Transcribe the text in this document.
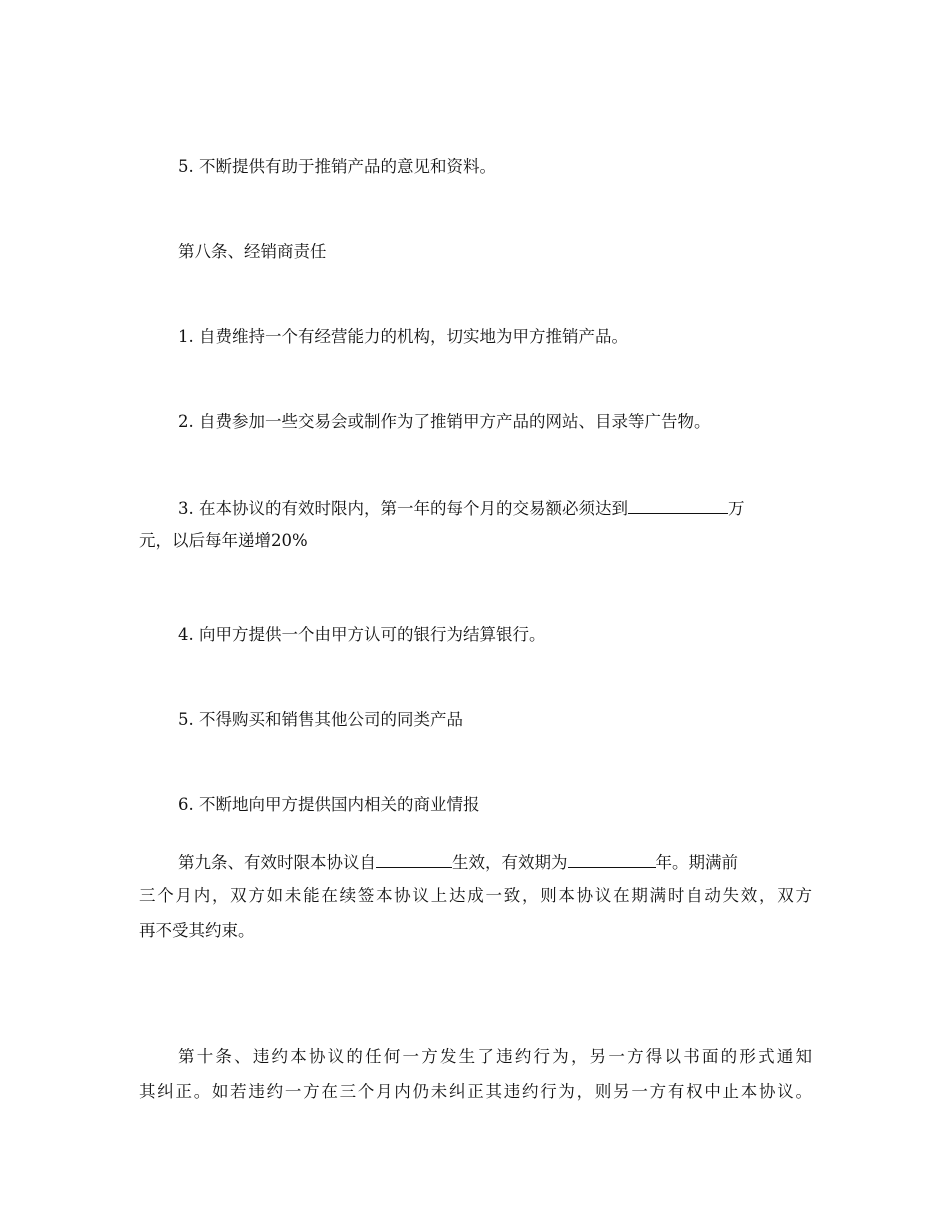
5. 不断提供有助于推销产品的意见和资料。
第八条、经销商责任
1. 自费维持一个有经营能力的机构，切实地为甲方推销产品。
2. 自费参加一些交易会或制作为了推销甲方产品的网站、目录等广告物。
3. 在本协议的有效时限内，第一年的每个月的交易额必须达到	万
元，以后每年递增20%
4. 向甲方提供一个由甲方认可的银行为结算银行。
5. 不得购买和销售其他公司的同类产品
6. 不断地向甲方提供国内相关的商业情报
第九条、有效时限本协议自	生效，有效期为	年。期满前
三个月内，双方如未能在续签本协议上达成一致，则本协议在期满时自动失效，双方
再不受其约束。
第十条、违约本协议的任何一方发生了违约行为，另一方得以书面的形式通知
其纠正。如若违约一方在三个月内仍未纠正其违约行为，则另一方有权中止本协议。
